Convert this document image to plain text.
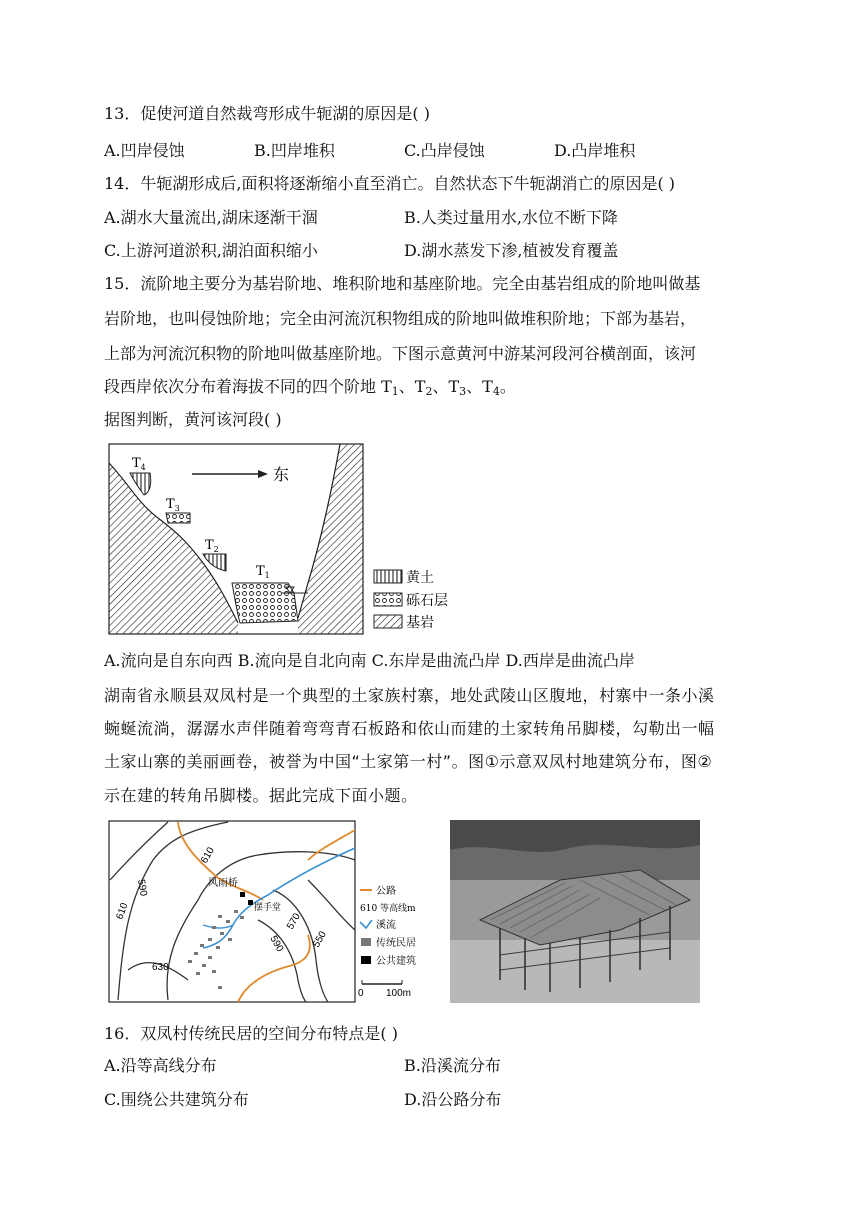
13．促使河道自然裁弯形成牛轭湖的原因是( )
A.凹岸侵蚀	B.凹岸堆积	C.凸岸侵蚀	D.凸岸堆积
14．牛轭湖形成后,面积将逐渐缩小直至消亡。自然状态下牛轭湖消亡的原因是( )
A.湖水大量流出,湖床逐渐干涸	B.人类过量用水,水位不断下降
C.上游河道淤积,湖泊面积缩小	D.湖水蒸发下渗,植被发育覆盖
15．流阶地主要分为基岩阶地、堆积阶地和基座阶地。完全由基岩组成的阶地叫做基
岩阶地，也叫侵蚀阶地；完全由河流沉积物组成的阶地叫做堆积阶地；下部为基岩，
上部为河流沉积物的阶地叫做基座阶地。下图示意黄河中游某河段河谷横剖面，该河
段西岸依次分布着海拔不同的四个阶地 $T_1$、$T_2$、$T_3$、$T_4$。
据图判断，黄河该河段( )
东
$T_4$
$T_3$
$T_2$
$T_1$	黄土
砾石层
基岩
A.流向是自东向西 B.流向是自北向南 C.东岸是曲流凸岸 D.西岸是曲流凸岸
湖南省永顺县双凤村是一个典型的土家族村寨，地处武陵山区腹地，村寨中一条小溪
蜿蜒流淌，潺潺水声伴随着弯弯青石板路和依山而建的土家转角吊脚楼，勾勒出一幅
土家山寨的美丽画卷，被誉为中国“土家第一村”。图①示意双凤村地建筑分布，图②
示在建的转角吊脚楼。据此完成下面小题。
风雨桥
摆手堂
610
590
610
630
590
570
550
公路
610 等高线m
溪流
传统民居
公共建筑
0 100m
16．双凤村传统民居的空间分布特点是( )
A.沿等高线分布	B.沿溪流分布
C.围绕公共建筑分布	D.沿公路分布
